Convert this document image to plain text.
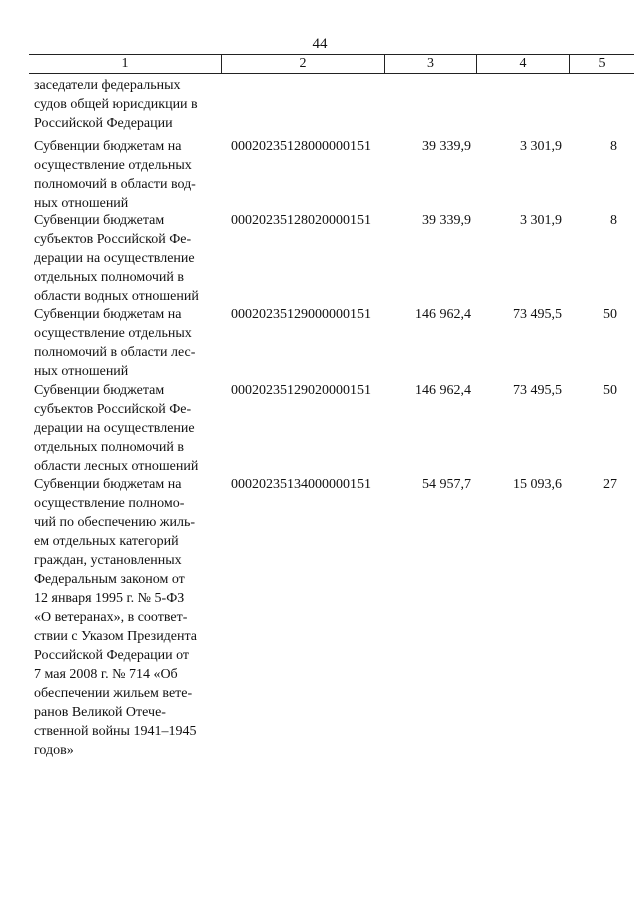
44
1	2	3	4	5
заседатели федеральных
судов общей юрисдикции в
Российской Федерации
Субвенции бюджетам на
осуществление отдельных
полномочий в области вод-
ных отношений
00020235128000000151	39 339,9	3 301,9	8
Субвенции бюджетам
субъектов Российской Фе-
дерации на осуществление
отдельных полномочий в
области водных отношений
00020235128020000151	39 339,9	3 301,9	8
Субвенции бюджетам на
осуществление отдельных
полномочий в области лес-
ных отношений
00020235129000000151	146 962,4	73 495,5	50
Субвенции бюджетам
субъектов Российской Фе-
дерации на осуществление
отдельных полномочий в
области лесных отношений
00020235129020000151	146 962,4	73 495,5	50
Субвенции бюджетам на
осуществление полномо-
чий по обеспечению жиль-
ем отдельных категорий
граждан, установленных
Федеральным законом от
12 января 1995 г. № 5-ФЗ
«О ветеранах», в соответ-
ствии с Указом Президента
Российской Федерации от
7 мая 2008 г. № 714 «Об
обеспечении жильем вете-
ранов Великой Отече-
ственной войны 1941–1945
годов»
00020235134000000151	54 957,7	15 093,6	27
